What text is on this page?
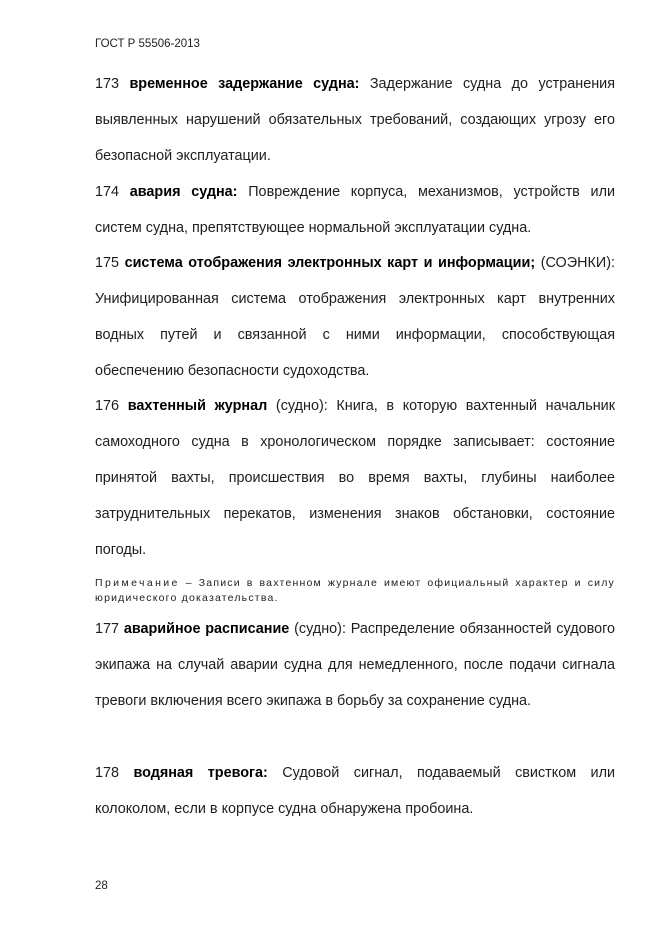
ГОСТ Р 55506-2013

173 временное задержание судна: Задержание судна до устранения выявленных нарушений обязательных требований, создающих угрозу его безопасной эксплуатации.

174 авария судна: Повреждение корпуса, механизмов, устройств или систем судна, препятствующее нормальной эксплуатации судна.

175 система отображения электронных карт и информации; (СОЭНКИ): Унифицированная система отображения электронных карт внутренних водных путей и связанной с ними информации, способствующая обеспечению безопасности судоходства.

176 вахтенный журнал (судно): Книга, в которую вахтенный начальник самоходного судна в хронологическом порядке записывает: состояние принятой вахты, происшествия во время вахты, глубины наиболее затруднительных перекатов, изменения знаков обстановки, состояние погоды.

Примечание – Записи в вахтенном журнале имеют официальный характер и силу юридического доказательства.

177 аварийное расписание (судно): Распределение обязанностей судового экипажа на случай аварии судна для немедленного, после подачи сигнала тревоги включения всего экипажа в борьбу за сохранение судна.

178 водяная тревога: Судовой сигнал, подаваемый свистком или колоколом, если в корпусе судна обнаружена пробоина.

28
